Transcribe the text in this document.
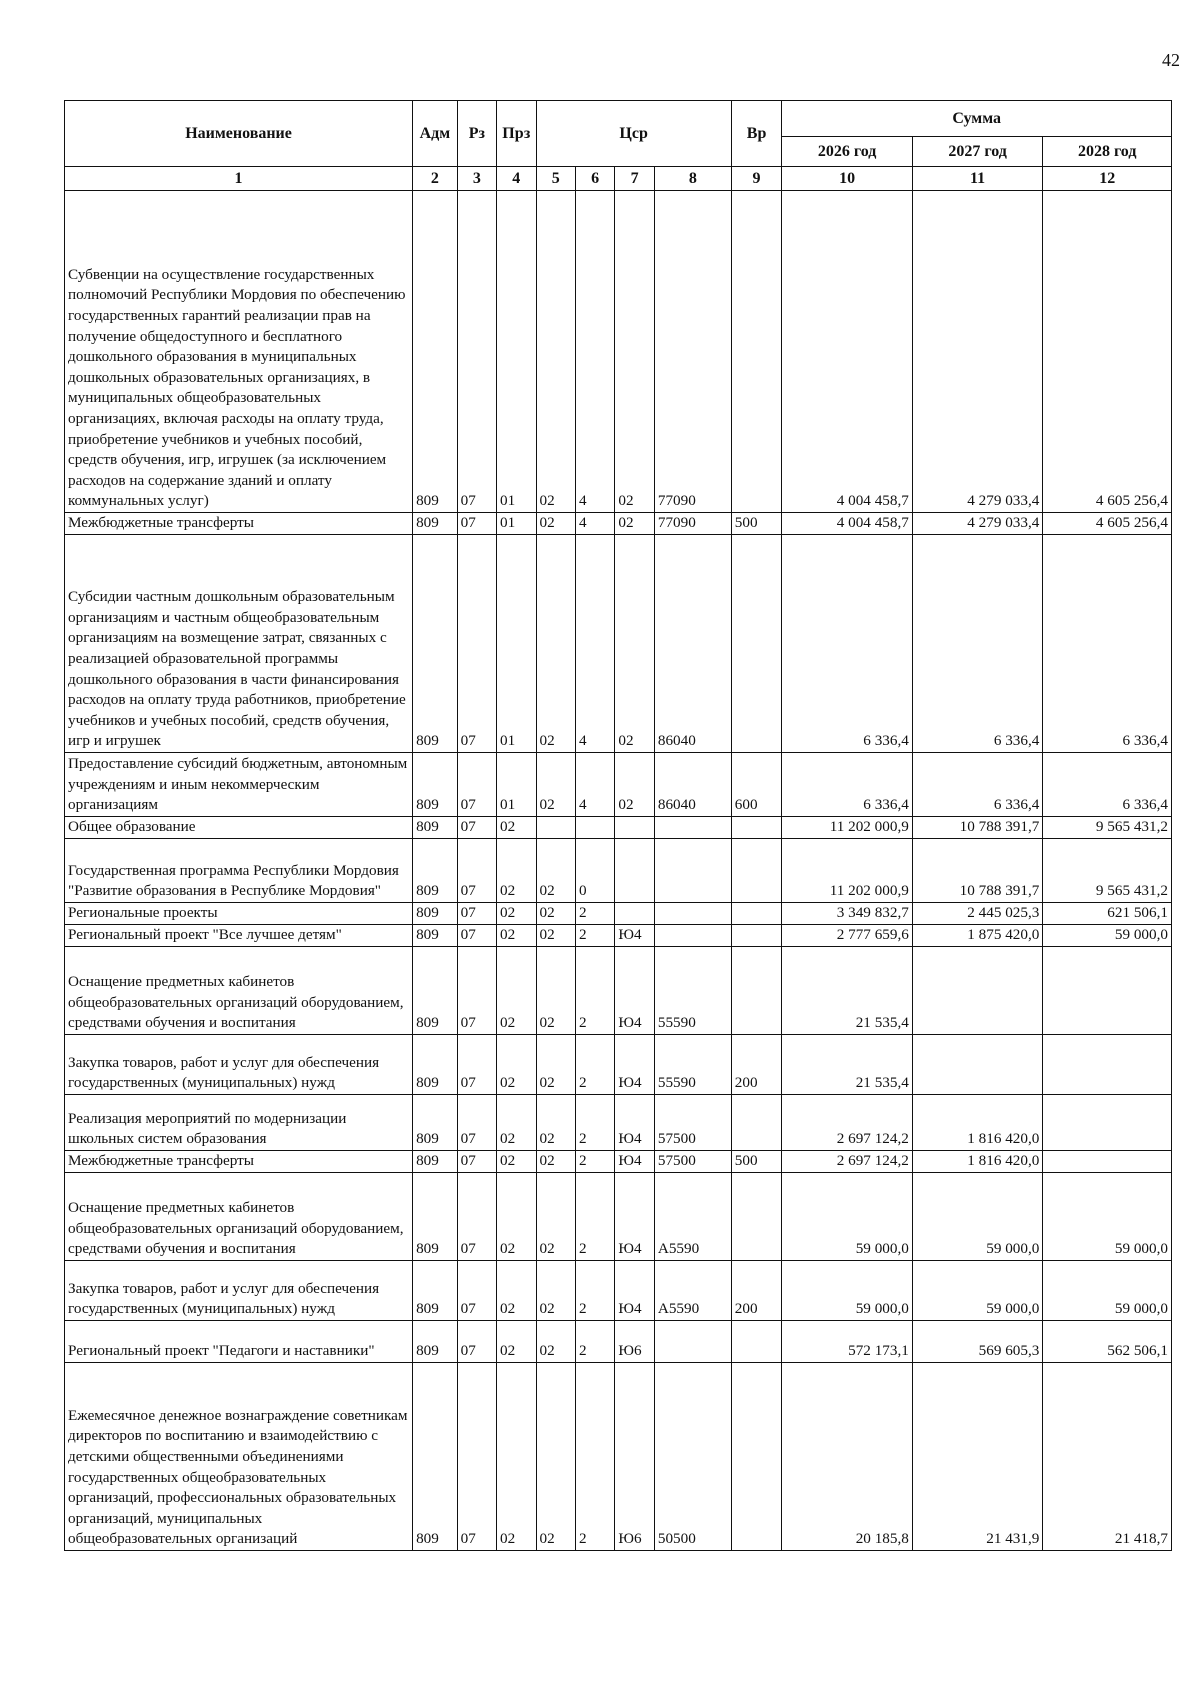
42
Наименование	Адм	Рз	Прз	Цср				Вр	Сумма		
									2026 год	2027 год	2028 год
1	2	3	4	5	6	7	8	9	10	11	12
Субвенции на осуществление государственных полномочий Республики Мордовия по обеспечению государственных гарантий реализации прав на получение общедоступного и бесплатного дошкольного образования в муниципальных дошкольных образовательных организациях, в муниципальных общеобразовательных организациях, включая расходы на оплату труда, приобретение учебников и учебных пособий, средств обучения, игр, игрушек (за исключением расходов на содержание зданий и оплату коммунальных услуг)	809	07	01	02	4	02	77090		4 004 458,7	4 279 033,4	4 605 256,4
Межбюджетные трансферты	809	07	01	02	4	02	77090	500	4 004 458,7	4 279 033,4	4 605 256,4
Субсидии частным дошкольным образовательным организациям и частным общеобразовательным организациям на возмещение затрат, связанных с реализацией образовательной программы дошкольного образования в части финансирования расходов на оплату труда работников, приобретение учебников и учебных пособий, средств обучения, игр и игрушек	809	07	01	02	4	02	86040		6 336,4	6 336,4	6 336,4
Предоставление субсидий бюджетным, автономным учреждениям и иным некоммерческим организациям	809	07	01	02	4	02	86040	600	6 336,4	6 336,4	6 336,4
Общее образование	809	07	02						11 202 000,9	10 788 391,7	9 565 431,2
Государственная программа Республики Мордовия "Развитие образования в Республике Мордовия"	809	07	02	02	0				11 202 000,9	10 788 391,7	9 565 431,2
Региональные проекты	809	07	02	02	2				3 349 832,7	2 445 025,3	621 506,1
Региональный проект "Все лучшее детям"	809	07	02	02	2	Ю4			2 777 659,6	1 875 420,0	59 000,0
Оснащение предметных кабинетов общеобразовательных организаций оборудованием, средствами обучения и воспитания	809	07	02	02	2	Ю4	55590		21 535,4		
Закупка товаров, работ и услуг для обеспечения государственных (муниципальных) нужд	809	07	02	02	2	Ю4	55590	200	21 535,4		
Реализация мероприятий по модернизации школьных систем образования	809	07	02	02	2	Ю4	57500		2 697 124,2	1 816 420,0	
Межбюджетные трансферты	809	07	02	02	2	Ю4	57500	500	2 697 124,2	1 816 420,0	
Оснащение предметных кабинетов общеобразовательных организаций оборудованием, средствами обучения и воспитания	809	07	02	02	2	Ю4	А5590		59 000,0	59 000,0	59 000,0
Закупка товаров, работ и услуг для обеспечения государственных (муниципальных) нужд	809	07	02	02	2	Ю4	А5590	200	59 000,0	59 000,0	59 000,0
Региональный проект "Педагоги и наставники"	809	07	02	02	2	Ю6			572 173,1	569 605,3	562 506,1
Ежемесячное денежное вознаграждение советникам директоров по воспитанию и взаимодействию с детскими общественными объединениями государственных общеобразовательных организаций, профессиональных образовательных организаций, муниципальных общеобразовательных организаций	809	07	02	02	2	Ю6	50500		20 185,8	21 431,9	21 418,7
